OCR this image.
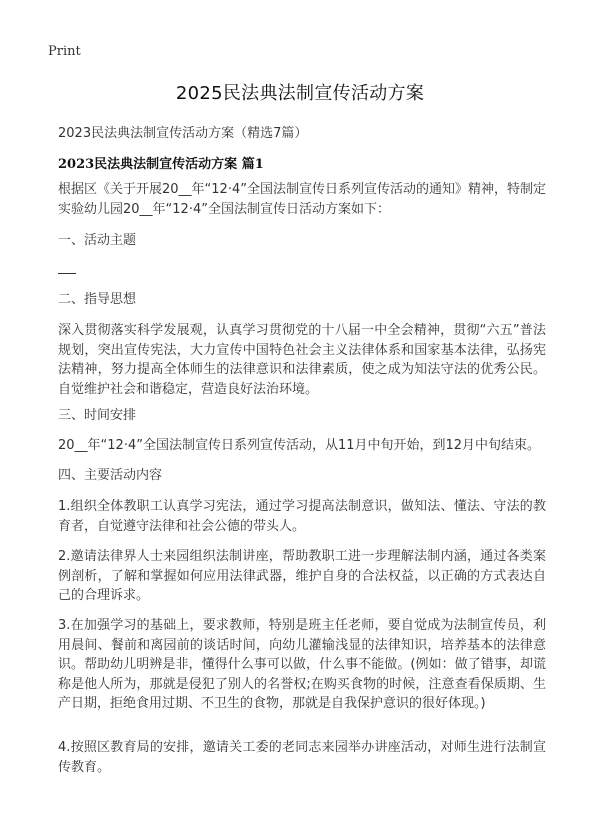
Print
2025民法典法制宣传活动方案
2023民法典法制宣传活动方案（精选7篇）
2023民法典法制宣传活动方案 篇1
根据区《关于开展20__年“12·4”全国法制宣传日系列宣传活动的通知》精神，特制定实验幼儿园20__年“12·4”全国法制宣传日活动方案如下：
一、活动主题
二、指导思想
深入贯彻落实科学发展观，认真学习贯彻党的十八届一中全会精神，贯彻“六五”普法规划，突出宣传宪法，大力宣传中国特色社会主义法律体系和国家基本法律，弘扬宪法精神，努力提高全体师生的法律意识和法律素质，使之成为知法守法的优秀公民。自觉维护社会和谐稳定，营造良好法治环境。
三、时间安排
20__年“12·4”全国法制宣传日系列宣传活动，从11月中旬开始，到12月中旬结束。
四、主要活动内容
1.组织全体教职工认真学习宪法，通过学习提高法制意识，做知法、懂法、守法的教育者，自觉遵守法律和社会公德的带头人。
2.邀请法律界人士来园组织法制讲座，帮助教职工进一步理解法制内涵，通过各类案例剖析，了解和掌握如何应用法律武器，维护自身的合法权益，以正确的方式表达自己的合理诉求。
3.在加强学习的基础上，要求教师，特别是班主任老师，要自觉成为法制宣传员，利用晨间、餐前和离园前的谈话时间，向幼儿灌输浅显的法律知识，培养基本的法律意识。帮助幼儿明辨是非，懂得什么事可以做，什么事不能做。(例如：做了错事，却谎称是他人所为，那就是侵犯了别人的名誉权;在购买食物的时候，注意查看保质期、生产日期，拒绝食用过期、不卫生的食物，那就是自我保护意识的很好体现。)
4.按照区教育局的安排，邀请关工委的老同志来园举办讲座活动，对师生进行法制宣传教育。
